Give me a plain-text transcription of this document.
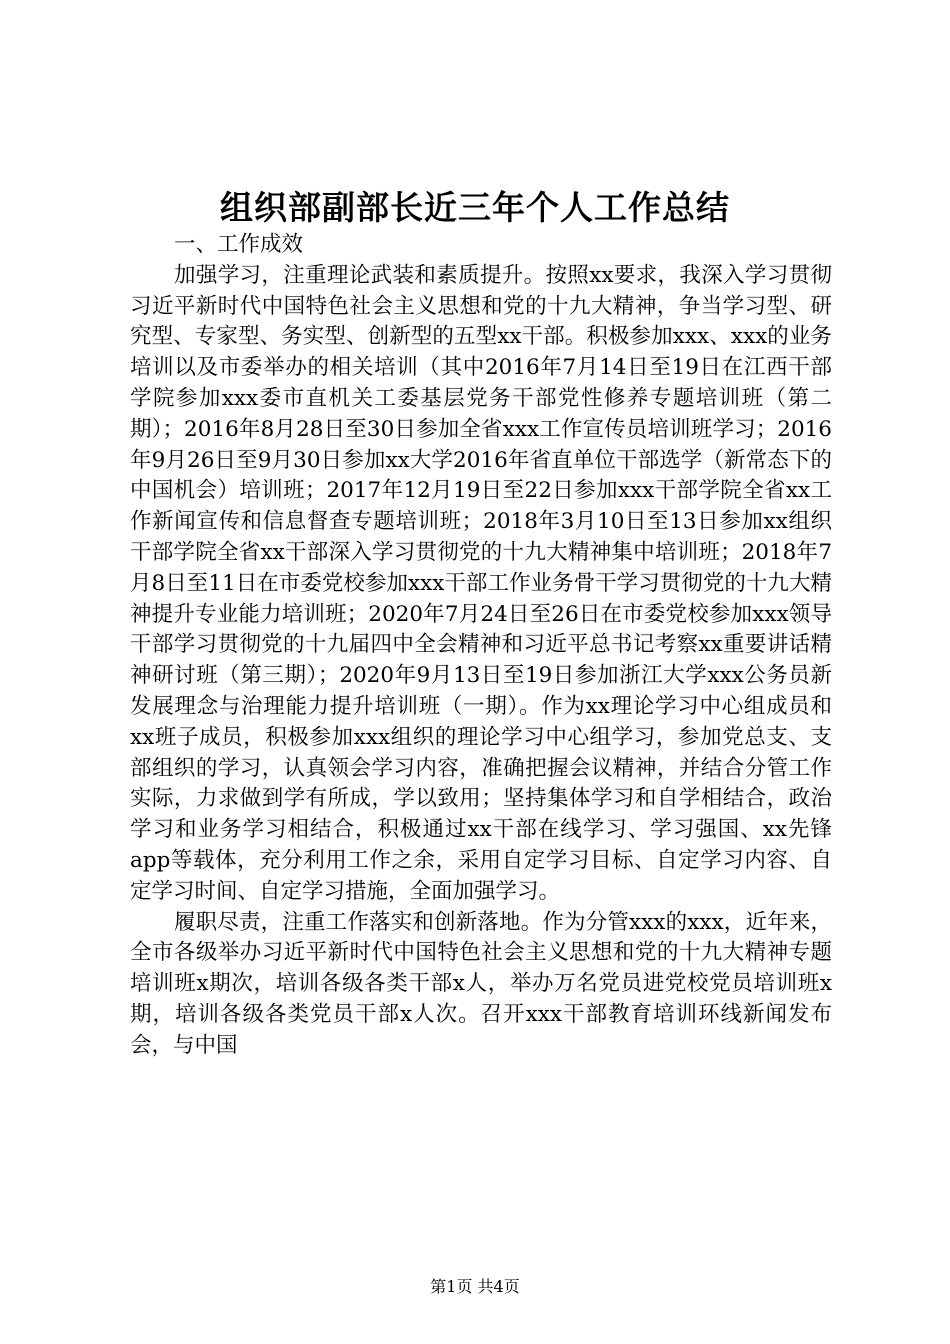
组织部副部长近三年个人工作总结

一、工作成效

加强学习，注重理论武装和素质提升。按照xx要求，我深入学习贯彻习近平新时代中国特色社会主义思想和党的十九大精神，争当学习型、研究型、专家型、务实型、创新型的五型xx干部。积极参加xxx、xxx的业务培训以及市委举办的相关培训（其中2016年7月14日至19日在江西干部学院参加xxx委市直机关工委基层党务干部党性修养专题培训班（第二期）；2016年8月28日至30日参加全省xxx工作宣传员培训班学习；2016年9月26日至9月30日参加xx大学2016年省直单位干部选学（新常态下的中国机会）培训班；2017年12月19日至22日参加xxx干部学院全省xx工作新闻宣传和信息督查专题培训班；2018年3月10日至13日参加xx组织干部学院全省xx干部深入学习贯彻党的十九大精神集中培训班；2018年7月8日至11日在市委党校参加xxx干部工作业务骨干学习贯彻党的十九大精神提升专业能力培训班；2020年7月24日至26日在市委党校参加xxx领导干部学习贯彻党的十九届四中全会精神和习近平总书记考察xx重要讲话精神研讨班（第三期）；2020年9月13日至19日参加浙江大学xxx公务员新发展理念与治理能力提升培训班（一期）。作为xx理论学习中心组成员和xx班子成员，积极参加xxx组织的理论学习中心组学习，参加党总支、支部组织的学习，认真领会学习内容，准确把握会议精神，并结合分管工作实际，力求做到学有所成，学以致用；坚持集体学习和自学相结合，政治学习和业务学习相结合，积极通过xx干部在线学习、学习强国、xx先锋app等载体，充分利用工作之余，采用自定学习目标、自定学习内容、自定学习时间、自定学习措施，全面加强学习。

履职尽责，注重工作落实和创新落地。作为分管xxx的xxx，近年来，全市各级举办习近平新时代中国特色社会主义思想和党的十九大精神专题培训班x期次，培训各级各类干部x人，举办万名党员进党校党员培训班x期，培训各级各类党员干部x人次。召开xxx干部教育培训环线新闻发布会，与中国

第1页 共4页
